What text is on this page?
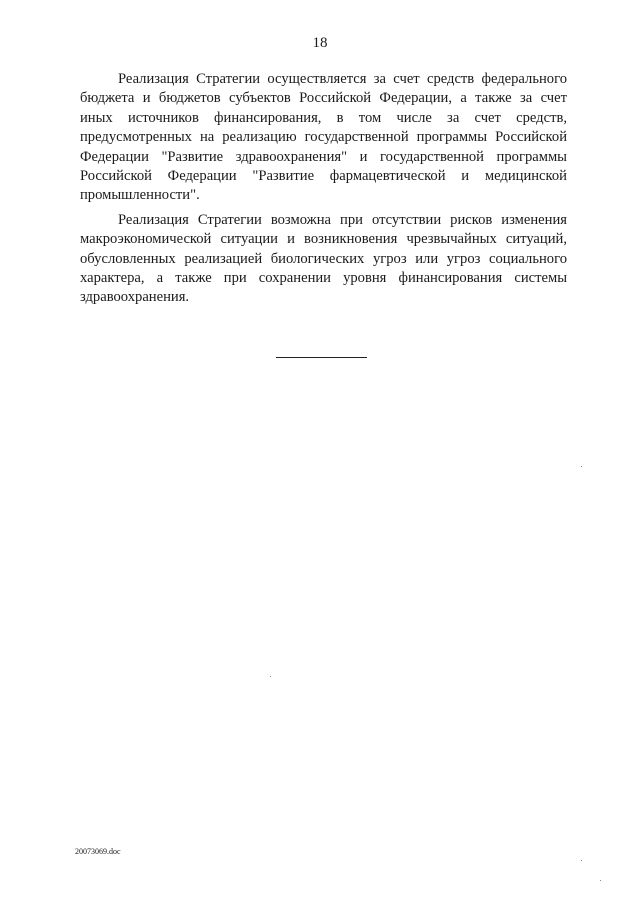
18

Реализация Стратегии осуществляется за счет средств федерального
бюджета и бюджетов субъектов Российской Федерации, а также за счет
иных источников финансирования, в том числе за счет средств,
предусмотренных на реализацию государственной программы Российской
Федерации "Развитие здравоохранения" и государственной программы
Российской Федерации "Развитие фармацевтической и медицинской
промышленности".

Реализация Стратегии возможна при отсутствии рисков изменения
макроэкономической ситуации и возникновения чрезвычайных ситуаций,
обусловленных реализацией биологических угроз или угроз социального
характера, а также при сохранении уровня финансирования системы
здравоохранения.

20073069.doc
